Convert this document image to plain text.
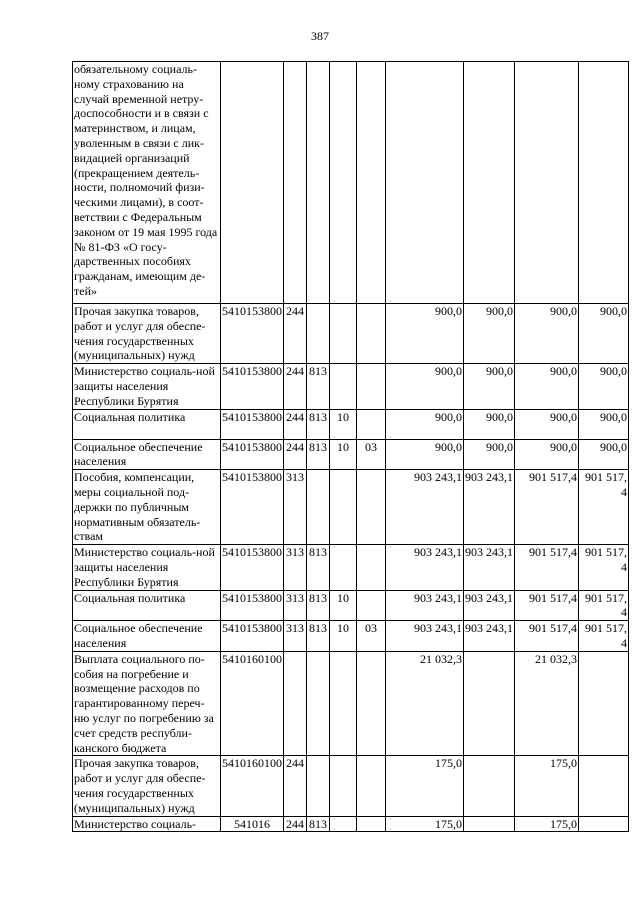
387
обязательному социаль-ному страхованию на случай временной нетру-доспособности и в связи с материнством, и лицам, уволенным в связи с лик-видацией организаций (прекращением деятель-ности, полномочий физи-ческими лицами), в соот-ветствии с Федеральным законом от 19 мая 1995 года № 81-ФЗ «О госу-дарственных пособиях гражданам, имеющим де-тей»									
Прочая закупка товаров, работ и услуг для обеспе-чения государственных (муниципальных) нужд	5410153800	244				900,0	900,0	900,0	900,0
Министерство социаль-ной защиты населения Республики Бурятия	5410153800	244	813			900,0	900,0	900,0	900,0
Социальная политика	5410153800	244	813	10		900,0	900,0	900,0	900,0
Социальное обеспечение населения	5410153800	244	813	10	03	900,0	900,0	900,0	900,0
Пособия, компенсации, меры социальной под-держки по публичным нормативным обязатель-ствам	5410153800	313				903 243,1	903 243,1	901 517,4	901 517,4
Министерство социаль-ной защиты населения Республики Бурятия	5410153800	313	813			903 243,1	903 243,1	901 517,4	901 517,4
Социальная политика	5410153800	313	813	10		903 243,1	903 243,1	901 517,4	901 517,4
Социальное обеспечение населения	5410153800	313	813	10	03	903 243,1	903 243,1	901 517,4	901 517,4
Выплата социального по-собия на погребение и возмещение расходов по гарантированному переч-ню услуг по погребению за счет средств республи-канского бюджета	5410160100					21 032,3		21 032,3	
Прочая закупка товаров, работ и услуг для обеспе-чения государственных (муниципальных) нужд	5410160100	244				175,0		175,0	
Министерство социаль-	541016	244	813			175,0		175,0	
